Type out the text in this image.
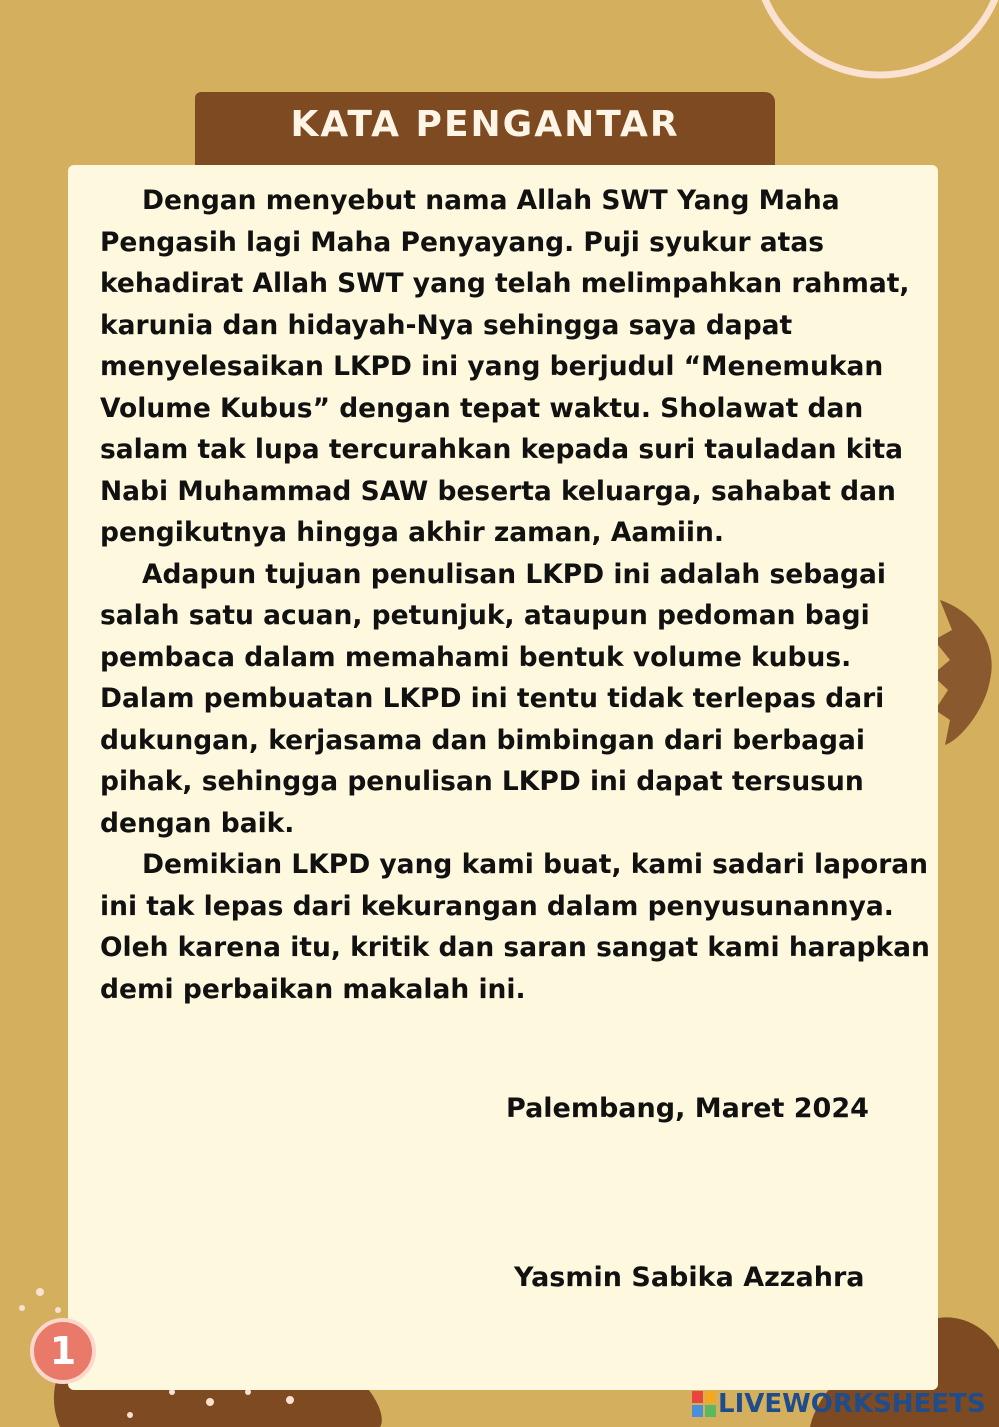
KATA PENGANTAR

Dengan menyebut nama Allah SWT Yang Maha Pengasih lagi Maha Penyayang. Puji syukur atas kehadirat Allah SWT yang telah melimpahkan rahmat, karunia dan hidayah-Nya sehingga saya dapat menyelesaikan LKPD ini yang berjudul “Menemukan Volume Kubus” dengan tepat waktu. Sholawat dan salam tak lupa tercurahkan kepada suri tauladan kita Nabi Muhammad SAW beserta keluarga, sahabat dan pengikutnya hingga akhir zaman, Aamiin.

Adapun tujuan penulisan LKPD ini adalah sebagai salah satu acuan, petunjuk, ataupun pedoman bagi pembaca dalam memahami bentuk volume kubus. Dalam pembuatan LKPD ini tentu tidak terlepas dari dukungan, kerjasama dan bimbingan dari berbagai pihak, sehingga penulisan LKPD ini dapat tersusun dengan baik.

Demikian LKPD yang kami buat, kami sadari laporan ini tak lepas dari kekurangan dalam penyusunannya. Oleh karena itu, kritik dan saran sangat kami harapkan demi perbaikan makalah ini.

Palembang, Maret 2024
Yasmin Sabika Azzahra
1
LIVEWORKSHEETS
